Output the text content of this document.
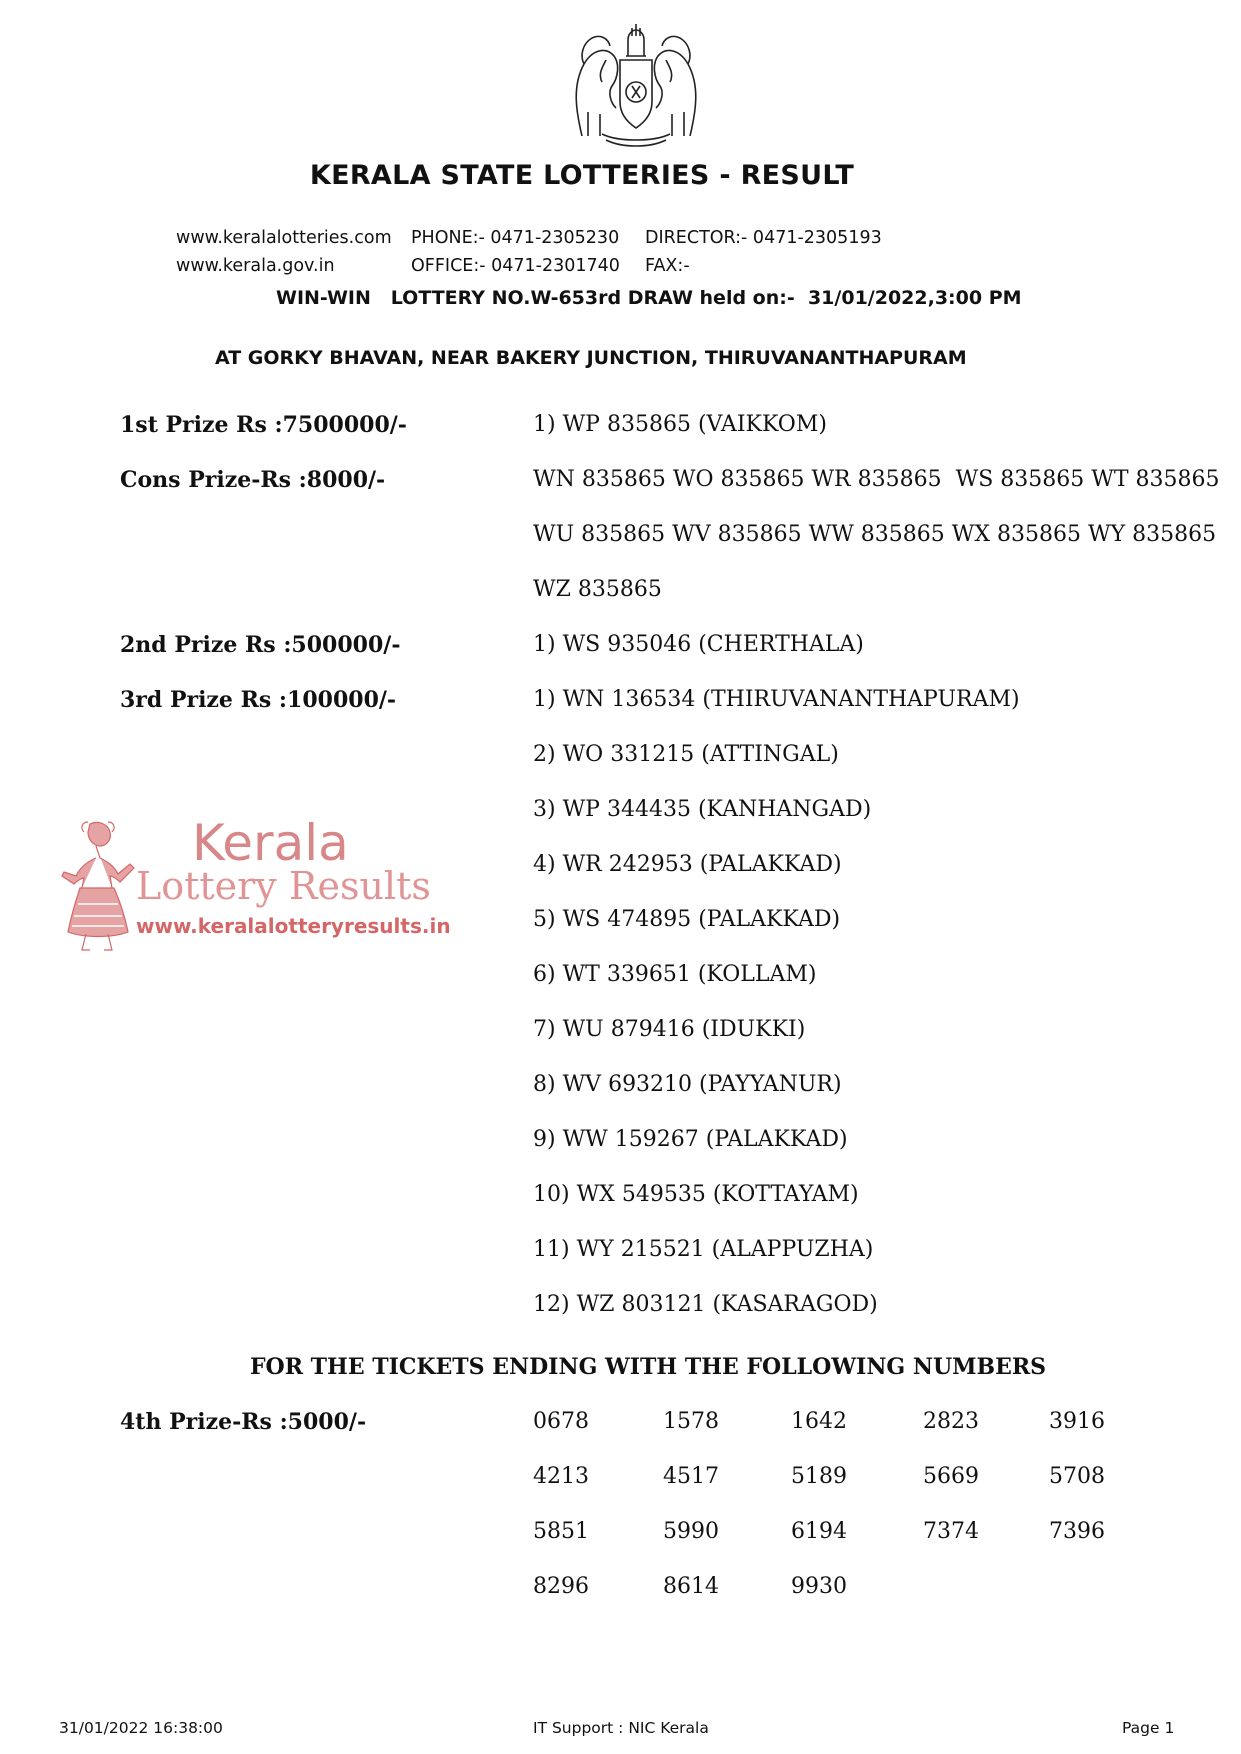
KERALA STATE LOTTERIES - RESULT
www.keralalotteries.com
www.kerala.gov.in
PHONE:- 0471-2305230
OFFICE:- 0471-2301740
DIRECTOR:- 0471-2305193
FAX:-
WIN-WIN   LOTTERY NO.W-653rd DRAW held on:-  31/01/2022,3:00 PM
AT GORKY BHAVAN, NEAR BAKERY JUNCTION, THIRUVANANTHAPURAM
1st Prize Rs :7500000/-	1) WP 835865 (VAIKKOM)
Cons Prize-Rs :8000/-	WN 835865 WO 835865 WR 835865  WS 835865 WT 835865
WU 835865 WV 835865 WW 835865 WX 835865 WY 835865
WZ 835865
2nd Prize Rs :500000/-	1) WS 935046 (CHERTHALA)
3rd Prize Rs :100000/-	1) WN 136534 (THIRUVANANTHAPURAM)
2) WO 331215 (ATTINGAL)
3) WP 344435 (KANHANGAD)
4) WR 242953 (PALAKKAD)
5) WS 474895 (PALAKKAD)
6) WT 339651 (KOLLAM)
7) WU 879416 (IDUKKI)
8) WV 693210 (PAYYANUR)
9) WW 159267 (PALAKKAD)
10) WX 549535 (KOTTAYAM)
11) WY 215521 (ALAPPUZHA)
12) WZ 803121 (KASARAGOD)
Kerala
Lottery Results
www.keralalotteryresults.in
FOR THE TICKETS ENDING WITH THE FOLLOWING NUMBERS
4th Prize-Rs :5000/-	0678	1578	1642	2823	3916
4213	4517	5189	5669	5708
5851	5990	6194	7374	7396
8296	8614	9930
31/01/2022 16:38:00	IT Support : NIC Kerala	Page 1
